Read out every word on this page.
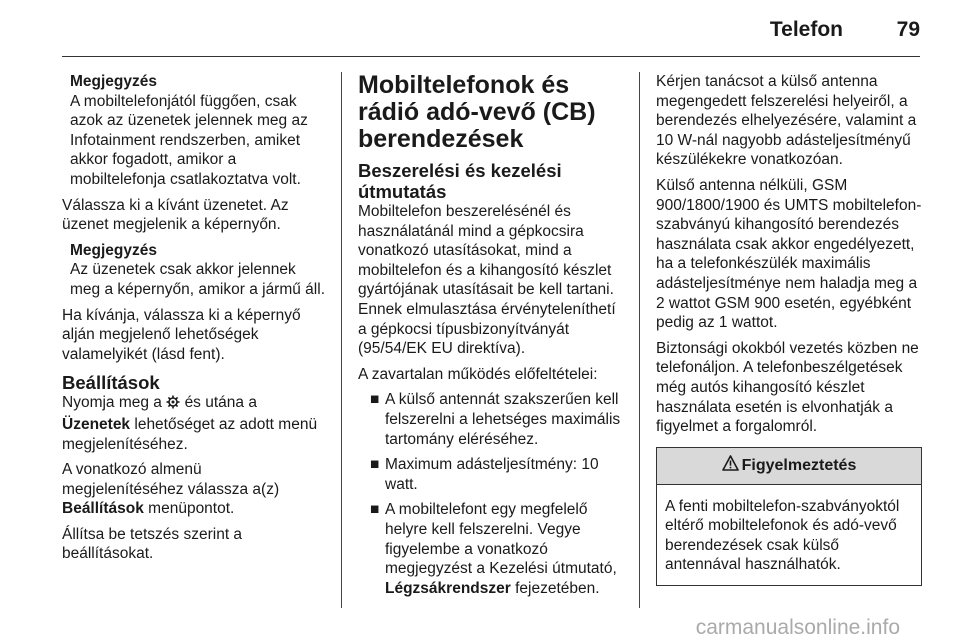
Telefon	79
Megjegyzés
A mobiltelefonjától függően, csak azok az üzenetek jelennek meg az Infotainment rendszerben, amiket akkor fogadott, amikor a mobiltelefonja csatlakoztatva volt.

Válassza ki a kívánt üzenetet. Az üzenet megjelenik a képernyőn.

Megjegyzés
Az üzenetek csak akkor jelennek meg a képernyőn, amikor a jármű áll.

Ha kívánja, válassza ki a képernyő alján megjelenő lehetőségek valamelyikét (lásd fent).

Beállítások

Nyomja meg a és utána a Üzenetek lehetőséget az adott menü megjelenítéséhez.

A vonatkozó almenü megjelenítéséhez válassza a(z) Beállítások menüpontot.

Állítsa be tetszés szerint a beállításokat.

Mobiltelefonok és rádió adó-vevő (CB) berendezések
Beszerelési és kezelési útmutatás

Mobiltelefon beszerelésénél és használatánál mind a gépkocsira vonatkozó utasításokat, mind a mobiltelefon és a kihangosító készlet gyártójának utasításait be kell tartani. Ennek elmulasztása érvényteleníthetí a gépkocsi típusbizonyítványát (95/54/EK EU direktíva).

A zavartalan működés előfeltételei:

■ A külső antennát szakszerűen kell felszerelni a lehetséges maximális tartomány eléréséhez.
■ Maximum adásteljesítmény: 10 watt.
■ A mobiltelefont egy megfelelő helyre kell felszerelni. Vegye figyelembe a vonatkozó megjegyzést a Kezelési útmutató, Légzsákrendszer fejezetében.

Kérjen tanácsot a külső antenna megengedett felszerelési helyeiről, a berendezés elhelyezésére, valamint a 10 W-nál nagyobb adásteljesítményű készülékekre vonatkozóan.

Külső antenna nélküli, GSM 900/1800/1900 és UMTS mobiltelefon-szabványú kihangosító berendezés használata csak akkor engedélyezett, ha a telefonkészülék maximális adásteljesítménye nem haladja meg a 2 wattot GSM 900 esetén, egyébként pedig az 1 wattot.

Biztonsági okokból vezetés közben ne telefonáljon. A telefonbeszélgetések még autós kihangosító készlet használata esetén is elvonhatják a figyelmet a forgalomról.

Figyelmeztetés
A fenti mobiltelefon-szabványoktól eltérő mobiltelefonok és adó-vevő berendezések csak külső antennával használhatók.
carmanualsonline.info
